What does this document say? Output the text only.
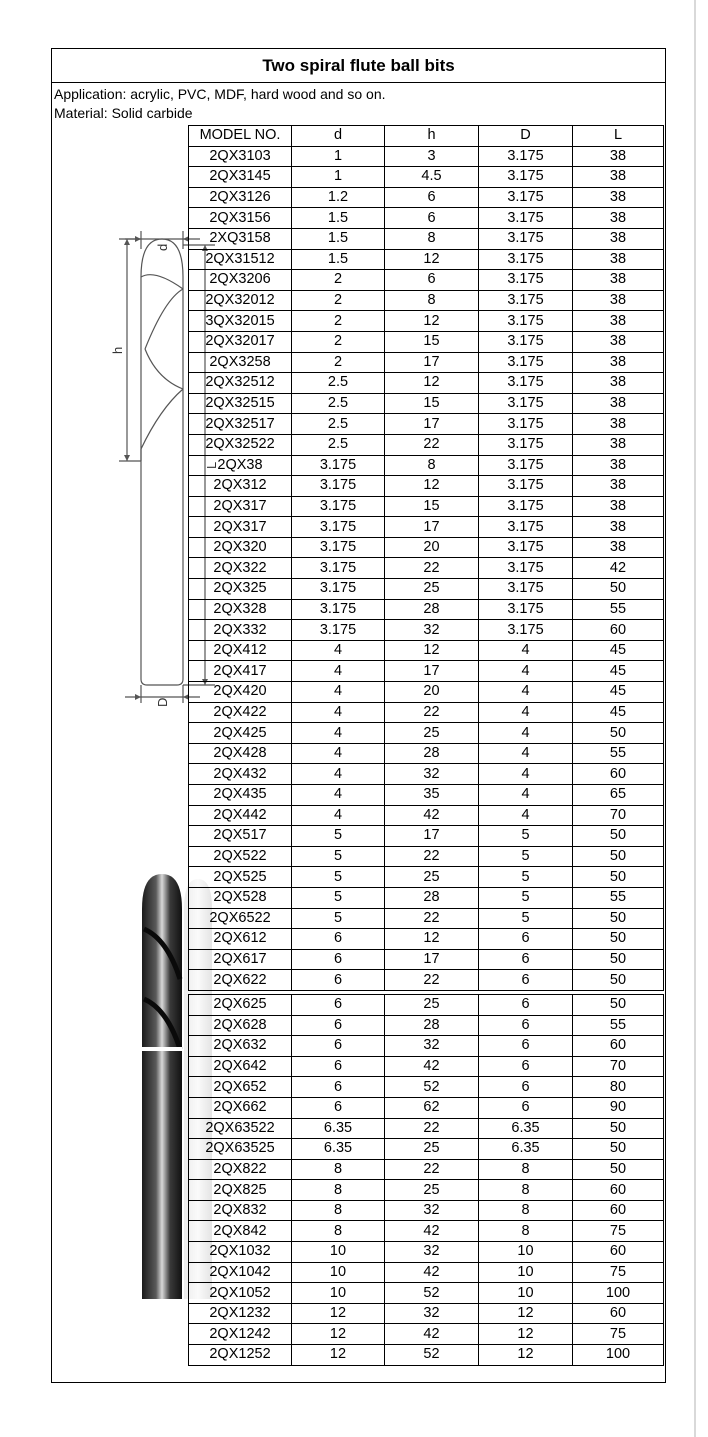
Two spiral flute ball bits
Application: acrylic, PVC, MDF, hard wood and so on.
Material: Solid carbide
d
h
L
D
MODEL NO.	d	h	D	L
2QX3103	1	3	3.175	38
2QX3145	1	4.5	3.175	38
2QX3126	1.2	6	3.175	38
2QX3156	1.5	6	3.175	38
2XQ3158	1.5	8	3.175	38
2QX31512	1.5	12	3.175	38
2QX3206	2	6	3.175	38
2QX32012	2	8	3.175	38
3QX32015	2	12	3.175	38
2QX32017	2	15	3.175	38
2QX3258	2	17	3.175	38
2QX32512	2.5	12	3.175	38
2QX32515	2.5	15	3.175	38
2QX32517	2.5	17	3.175	38
2QX32522	2.5	22	3.175	38
2QX38	3.175	8	3.175	38
2QX312	3.175	12	3.175	38
2QX317	3.175	15	3.175	38
2QX317	3.175	17	3.175	38
2QX320	3.175	20	3.175	38
2QX322	3.175	22	3.175	42
2QX325	3.175	25	3.175	50
2QX328	3.175	28	3.175	55
2QX332	3.175	32	3.175	60
2QX412	4	12	4	45
2QX417	4	17	4	45
2QX420	4	20	4	45
2QX422	4	22	4	45
2QX425	4	25	4	50
2QX428	4	28	4	55
2QX432	4	32	4	60
2QX435	4	35	4	65
2QX442	4	42	4	70
2QX517	5	17	5	50
2QX522	5	22	5	50
2QX525	5	25	5	50
2QX528	5	28	5	55
2QX6522	5	22	5	50
2QX612	6	12	6	50
2QX617	6	17	6	50
2QX622	6	22	6	50

2QX625	6	25	6	50
2QX628	6	28	6	55
2QX632	6	32	6	60
2QX642	6	42	6	70
2QX652	6	52	6	80
2QX662	6	62	6	90
2QX63522	6.35	22	6.35	50
2QX63525	6.35	25	6.35	50
2QX822	8	22	8	50
2QX825	8	25	8	60
2QX832	8	32	8	60
2QX842	8	42	8	75
2QX1032	10	32	10	60
2QX1042	10	42	10	75
2QX1052	10	52	10	100
2QX1232	12	32	12	60
2QX1242	12	42	12	75
2QX1252	12	52	12	100
